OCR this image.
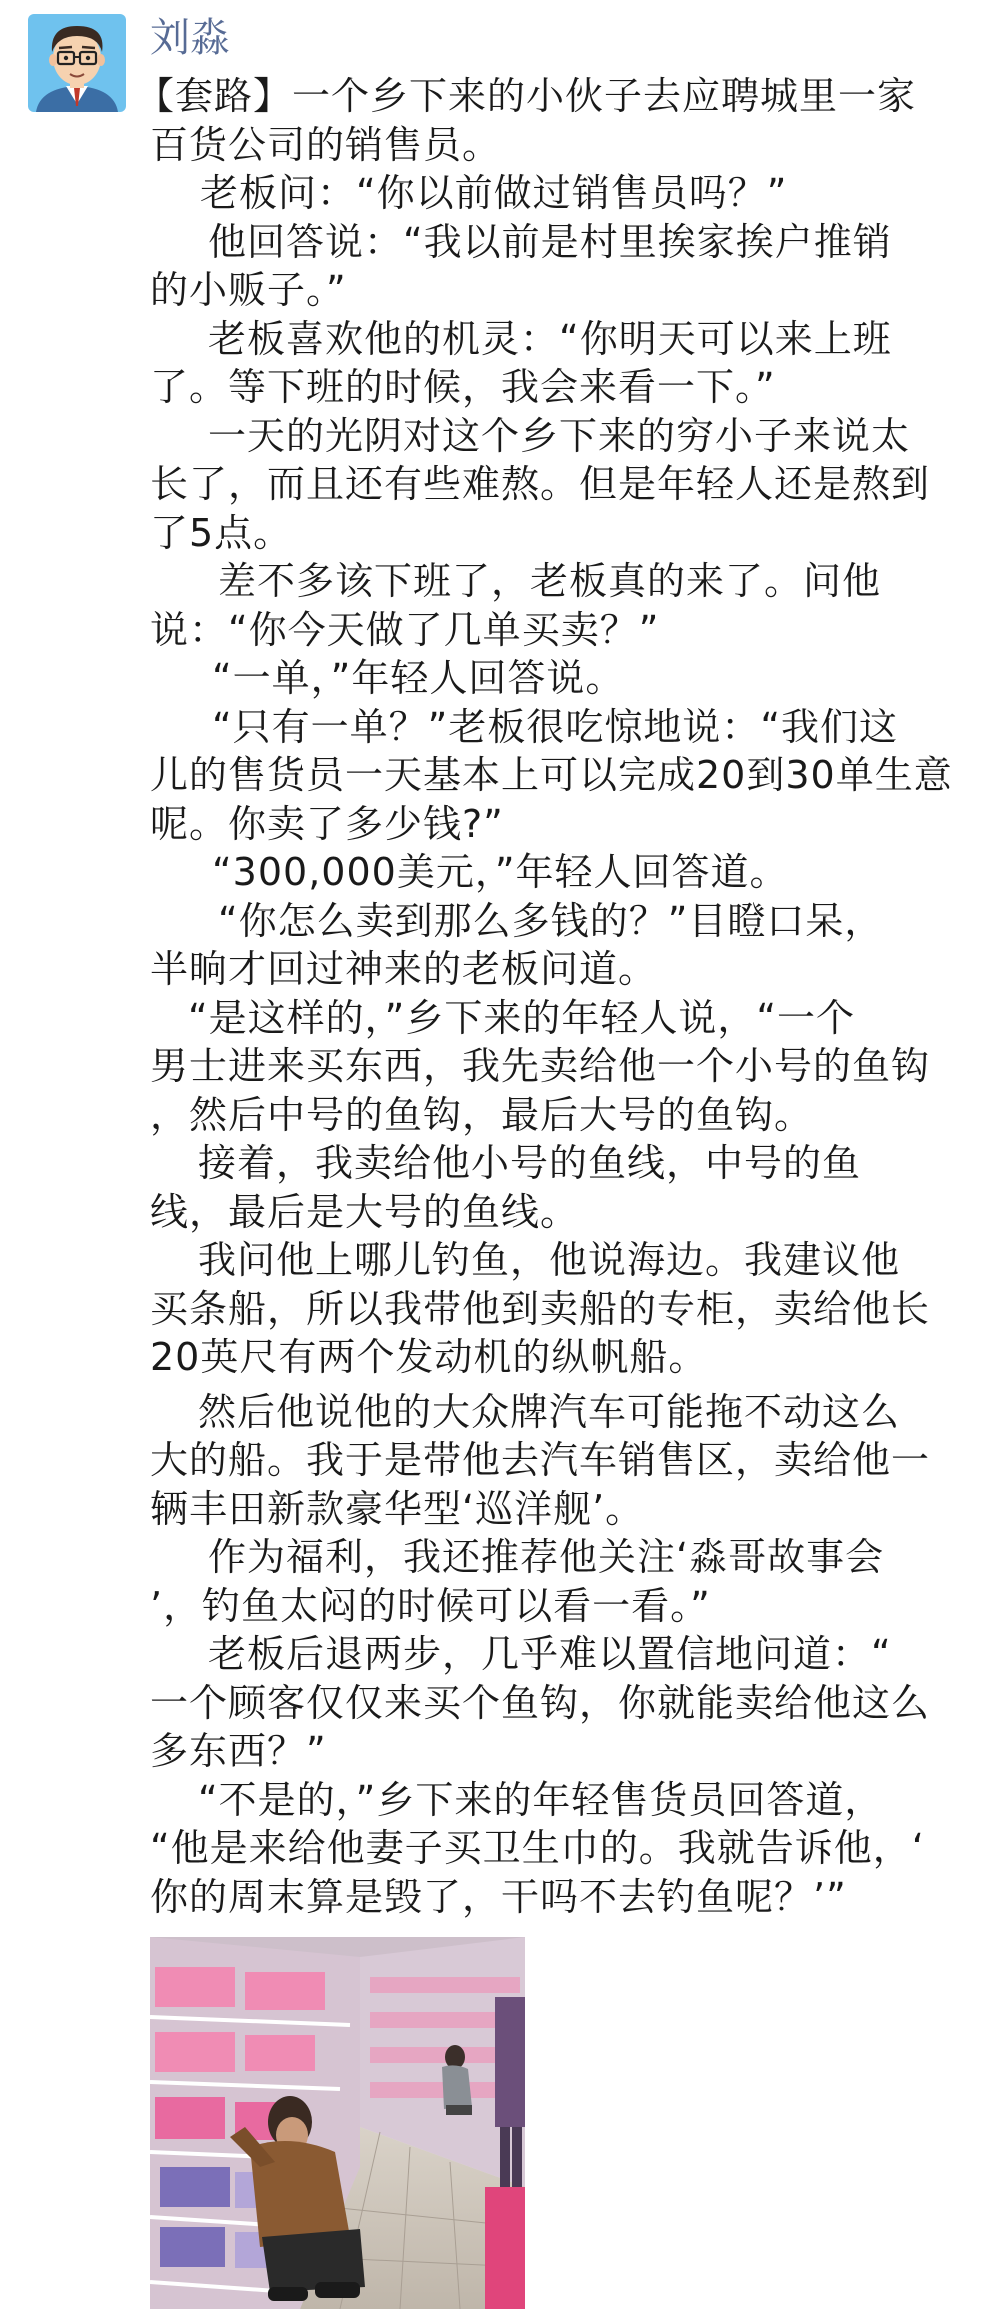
刘淼
【套路】一个乡下来的小伙子去应聘城里一家
百货公司的销售员。
老板问：“你以前做过销售员吗？”
他回答说：“我以前是村里挨家挨户推销
的小贩子。”
老板喜欢他的机灵：“你明天可以来上班
了。等下班的时候，我会来看一下。”
一天的光阴对这个乡下来的穷小子来说太
长了，而且还有些难熬。但是年轻人还是熬到
了5点。
差不多该下班了，老板真的来了。问他
说：“你今天做了几单买卖？”
“一单，”年轻人回答说。
“只有一单？”老板很吃惊地说：“我们这
儿的售货员一天基本上可以完成20到30单生意
呢。你卖了多少钱?”
“300,000美元，”年轻人回答道。
“你怎么卖到那么多钱的？”目瞪口呆，
半晌才回过神来的老板问道。
“是这样的，”乡下来的年轻人说，“一个
男士进来买东西，我先卖给他一个小号的鱼钩
，然后中号的鱼钩，最后大号的鱼钩。
接着，我卖给他小号的鱼线，中号的鱼
线，最后是大号的鱼线。
我问他上哪儿钓鱼，他说海边。我建议他
买条船，所以我带他到卖船的专柜，卖给他长
20英尺有两个发动机的纵帆船。
然后他说他的大众牌汽车可能拖不动这么
大的船。我于是带他去汽车销售区，卖给他一
辆丰田新款豪华型‘巡洋舰’。
作为福利，我还推荐他关注‘淼哥故事会
’，钓鱼太闷的时候可以看一看。”
老板后退两步，几乎难以置信地问道：“
一个顾客仅仅来买个鱼钩，你就能卖给他这么
多东西？”
“不是的，”乡下来的年轻售货员回答道，
“他是来给他妻子买卫生巾的。我就告诉他，‘
你的周末算是毁了，干吗不去钓鱼呢？’”
